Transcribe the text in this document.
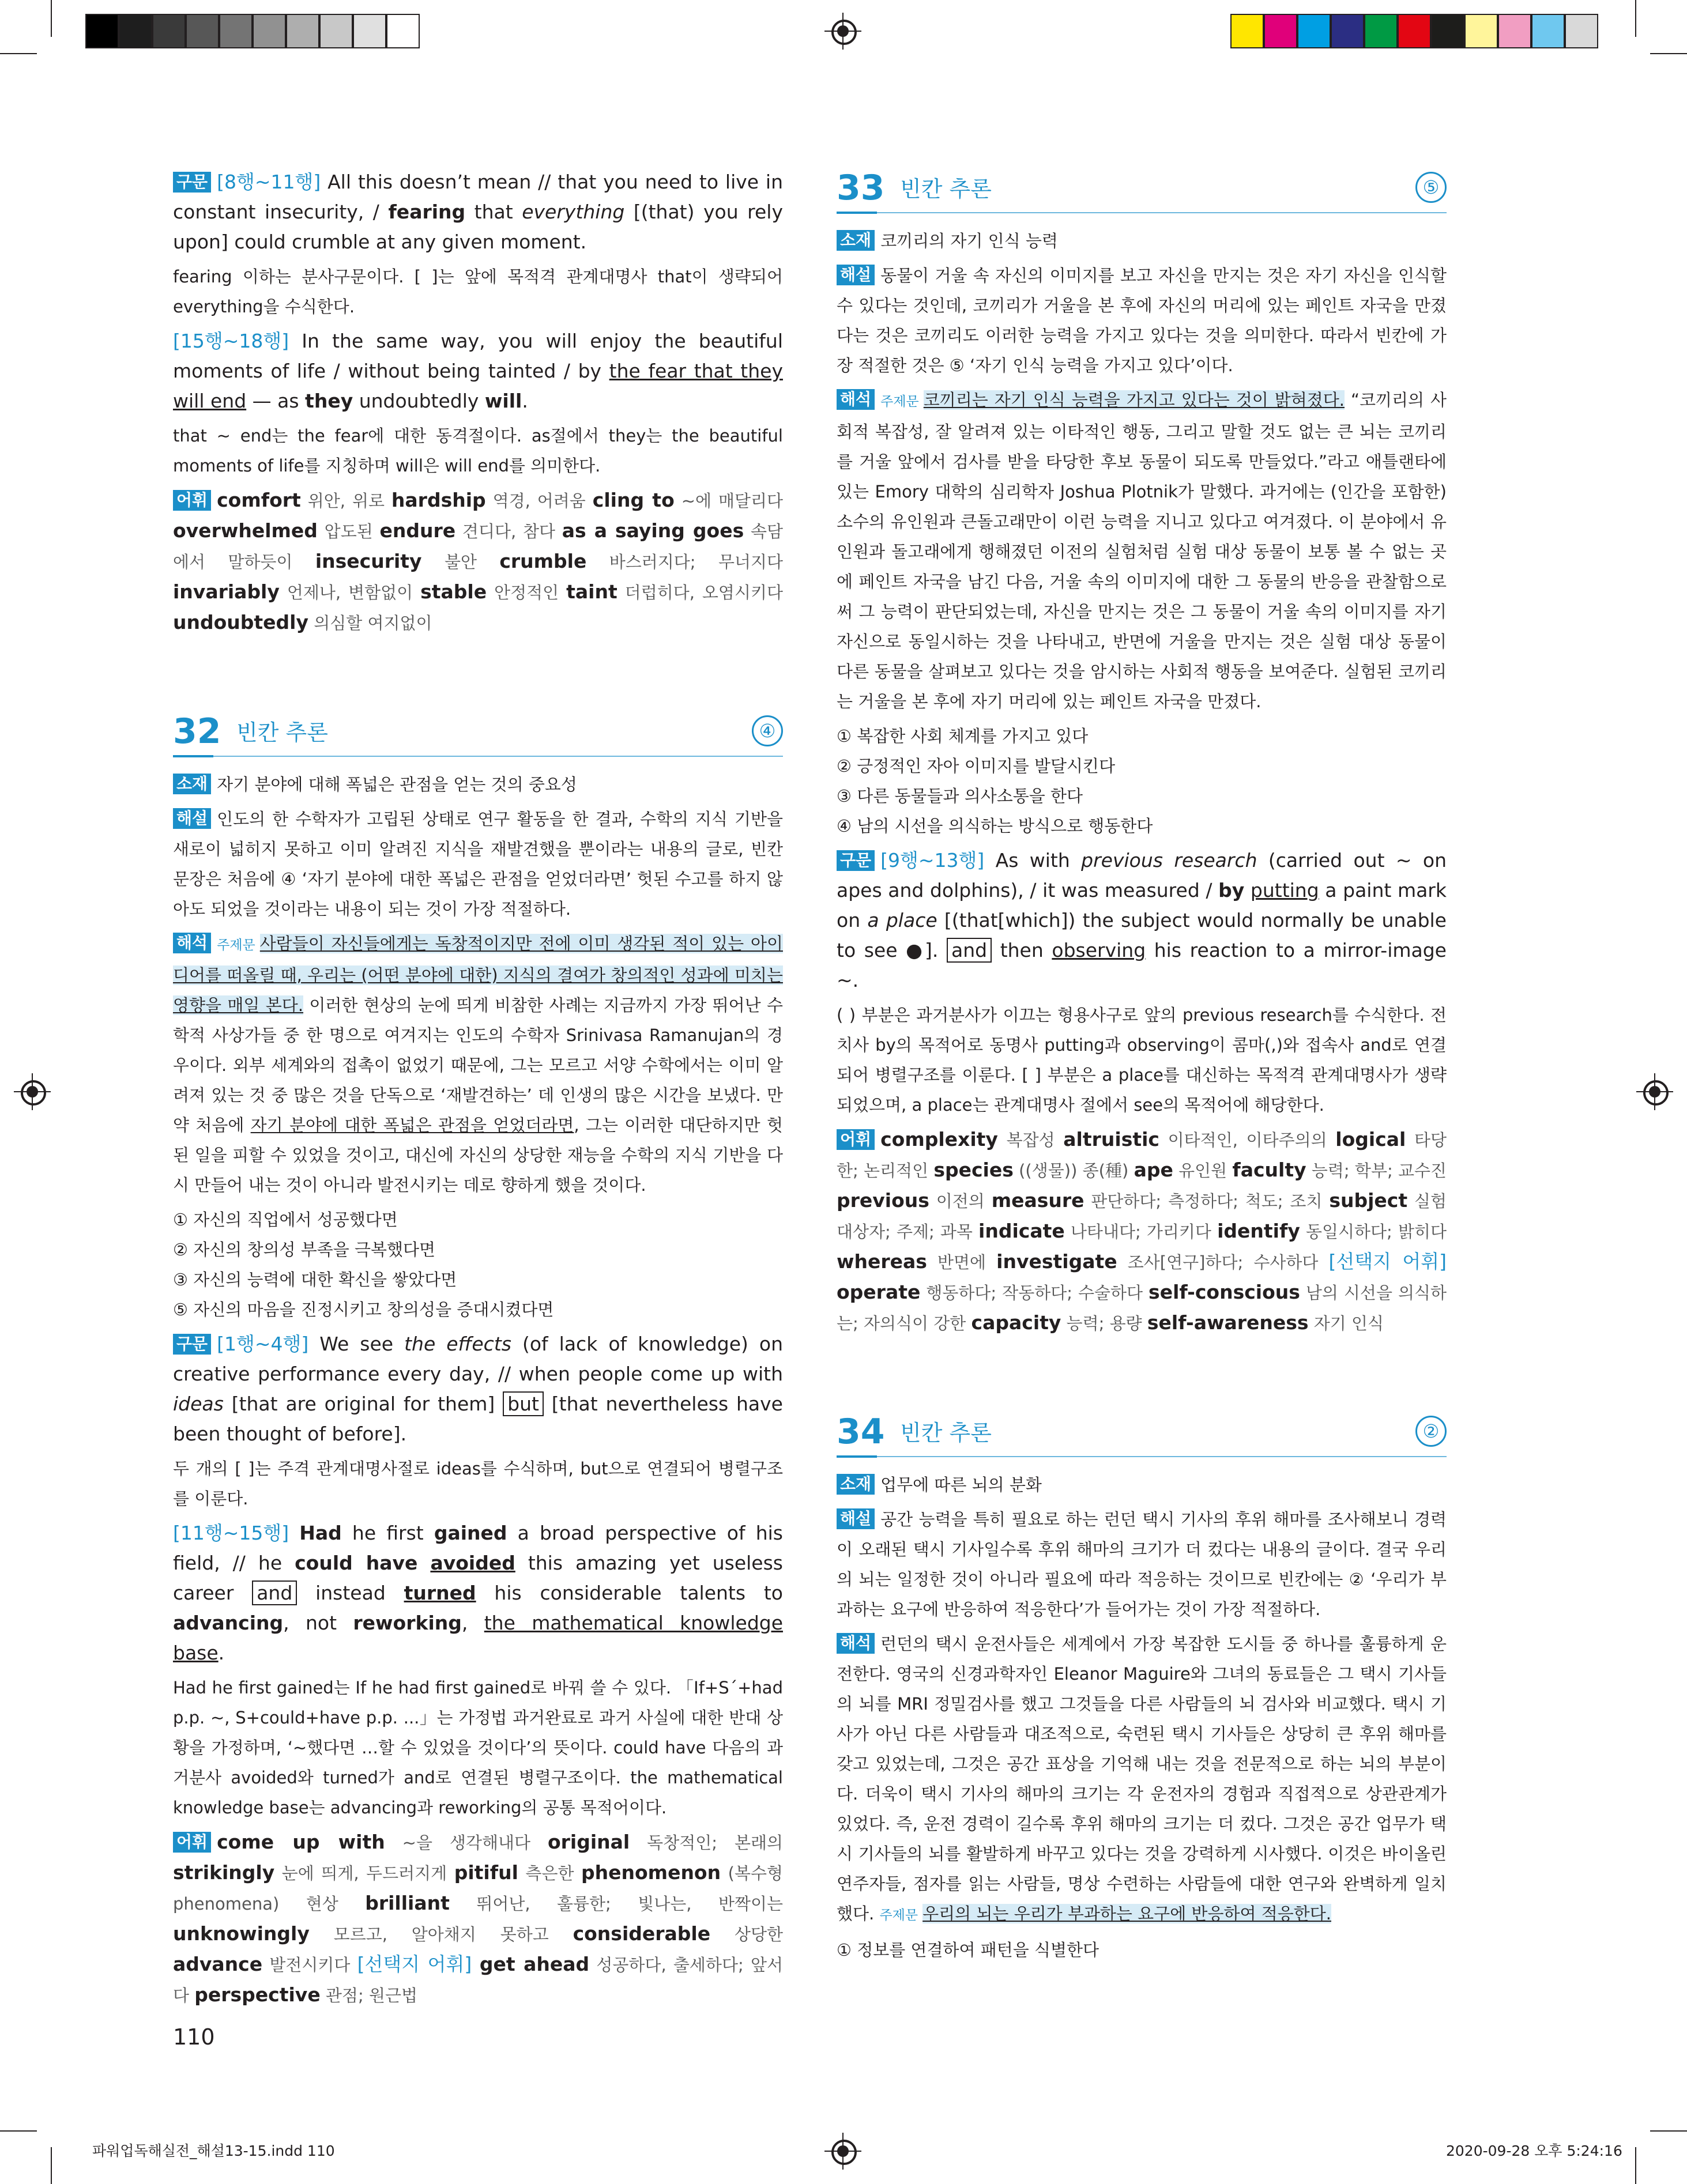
구문 [8행~11행] All this doesn’t mean // that you need to live in constant insecurity, / fearing that everything [(that) you rely upon] could crumble at any given moment.

fearing 이하는 분사구문이다. [ ]는 앞에 목적격 관계대명사 that이 생략되어 everything을 수식한다.

[15행~18행] In the same way, you will enjoy the beautiful moments of life / without being tainted / by the fear that they will end — as they undoubtedly will.

that ~ end는 the fear에 대한 동격절이다. as절에서 they는 the beautiful moments of life를 지칭하며 will은 will end를 의미한다.

어휘 comfort 위안, 위로 hardship 역경, 어려움 cling to ~에 매달리다 overwhelmed 압도된 endure 견디다, 참다 as a saying goes 속담에서 말하듯이 insecurity 불안 crumble 바스러지다; 무너지다 invariably 언제나, 변함없이 stable 안정적인 taint 더럽히다, 오염시키다 undoubtedly 의심할 여지없이

32 빈칸 추론	④

소재 자기 분야에 대해 폭넓은 관점을 얻는 것의 중요성

해설 인도의 한 수학자가 고립된 상태로 연구 활동을 한 결과, 수학의 지식 기반을 새로이 넓히지 못하고 이미 알려진 지식을 재발견했을 뿐이라는 내용의 글로, 빈칸 문장은 처음에 ④ ‘자기 분야에 대한 폭넓은 관점을 얻었더라면’ 헛된 수고를 하지 않아도 되었을 것이라는 내용이 되는 것이 가장 적절하다.

해석 주제문 사람들이 자신들에게는 독창적이지만 전에 이미 생각된 적이 있는 아이디어를 떠올릴 때, 우리는 (어떤 분야에 대한) 지식의 결여가 창의적인 성과에 미치는 영향을 매일 본다. 이러한 현상의 눈에 띄게 비참한 사례는 지금까지 가장 뛰어난 수학적 사상가들 중 한 명으로 여겨지는 인도의 수학자 Srinivasa Ramanujan의 경우이다. 외부 세계와의 접촉이 없었기 때문에, 그는 모르고 서양 수학에서는 이미 알려져 있는 것 중 많은 것을 단독으로 ‘재발견하는’ 데 인생의 많은 시간을 보냈다. 만약 처음에 자기 분야에 대한 폭넓은 관점을 얻었더라면, 그는 이러한 대단하지만 헛된 일을 피할 수 있었을 것이고, 대신에 자신의 상당한 재능을 수학의 지식 기반을 다시 만들어 내는 것이 아니라 발전시키는 데로 향하게 했을 것이다.

① 자신의 직업에서 성공했다면

② 자신의 창의성 부족을 극복했다면

③ 자신의 능력에 대한 확신을 쌓았다면

⑤ 자신의 마음을 진정시키고 창의성을 증대시켰다면

구문 [1행~4행] We see the effects (of lack of knowledge) on creative performance every day, // when people come up with ideas [that are original for them] but [that nevertheless have been thought of before].

두 개의 [ ]는 주격 관계대명사절로 ideas를 수식하며, but으로 연결되어 병렬구조를 이룬다.

[11행~15행] Had he first gained a broad perspective of his field, // he could have avoided this amazing yet useless career and instead turned his considerable talents to advancing, not reworking, the mathematical knowledge base.

Had he first gained는 If he had first gained로 바꿔 쓸 수 있다. 「If+S´+had p.p. ~, S+could+have p.p. ...」는 가정법 과거완료로 과거 사실에 대한 반대 상황을 가정하며, ‘~했다면 …할 수 있었을 것이다’의 뜻이다. could have 다음의 과거분사 avoided와 turned가 and로 연결된 병렬구조이다. the mathematical knowledge base는 advancing과 reworking의 공통 목적어이다.

어휘 come up with ~을 생각해내다 original 독창적인; 본래의 strikingly 눈에 띄게, 두드러지게 pitiful 측은한 phenomenon (복수형 phenomena) 현상 brilliant 뛰어난, 훌륭한; 빛나는, 반짝이는 unknowingly 모르고, 알아채지 못하고 considerable 상당한 advance 발전시키다 [선택지 어휘] get ahead 성공하다, 출세하다; 앞서다 perspective 관점; 원근법

110
33 빈칸 추론	⑤

소재 코끼리의 자기 인식 능력

해설 동물이 거울 속 자신의 이미지를 보고 자신을 만지는 것은 자기 자신을 인식할 수 있다는 것인데, 코끼리가 거울을 본 후에 자신의 머리에 있는 페인트 자국을 만졌다는 것은 코끼리도 이러한 능력을 가지고 있다는 것을 의미한다. 따라서 빈칸에 가장 적절한 것은 ⑤ ‘자기 인식 능력을 가지고 있다’이다.

해석 주제문 코끼리는 자기 인식 능력을 가지고 있다는 것이 밝혀졌다. “코끼리의 사회적 복잡성, 잘 알려져 있는 이타적인 행동, 그리고 말할 것도 없는 큰 뇌는 코끼리를 거울 앞에서 검사를 받을 타당한 후보 동물이 되도록 만들었다.”라고 애틀랜타에 있는 Emory 대학의 심리학자 Joshua Plotnik가 말했다. 과거에는 (인간을 포함한) 소수의 유인원과 큰돌고래만이 이런 능력을 지니고 있다고 여겨졌다. 이 분야에서 유인원과 돌고래에게 행해졌던 이전의 실험처럼 실험 대상 동물이 보통 볼 수 없는 곳에 페인트 자국을 남긴 다음, 거울 속의 이미지에 대한 그 동물의 반응을 관찰함으로써 그 능력이 판단되었는데, 자신을 만지는 것은 그 동물이 거울 속의 이미지를 자기 자신으로 동일시하는 것을 나타내고, 반면에 거울을 만지는 것은 실험 대상 동물이 다른 동물을 살펴보고 있다는 것을 암시하는 사회적 행동을 보여준다. 실험된 코끼리는 거울을 본 후에 자기 머리에 있는 페인트 자국을 만졌다.

① 복잡한 사회 체계를 가지고 있다

② 긍정적인 자아 이미지를 발달시킨다

③ 다른 동물들과 의사소통을 한다

④ 남의 시선을 의식하는 방식으로 행동한다

구문 [9행~13행] As with previous research (carried out ~ on apes and dolphins), / it was measured / by putting a paint mark on a place [(that[which]) the subject would normally be unable to see ●]. and then observing his reaction to a mirror-image ~.

( ) 부분은 과거분사가 이끄는 형용사구로 앞의 previous research를 수식한다. 전치사 by의 목적어로 동명사 putting과 observing이 콤마(,)와 접속사 and로 연결되어 병렬구조를 이룬다. [ ] 부분은 a place를 대신하는 목적격 관계대명사가 생략되었으며, a place는 관계대명사 절에서 see의 목적어에 해당한다.

어휘 complexity 복잡성 altruistic 이타적인, 이타주의의 logical 타당한; 논리적인 species ((생물)) 종(種) ape 유인원 faculty 능력; 학부; 교수진 previous 이전의 measure 판단하다; 측정하다; 척도; 조치 subject 실험 대상자; 주제; 과목 indicate 나타내다; 가리키다 identify 동일시하다; 밝히다 whereas 반면에 investigate 조사[연구]하다; 수사하다 [선택지 어휘] operate 행동하다; 작동하다; 수술하다 self-conscious 남의 시선을 의식하는; 자의식이 강한 capacity 능력; 용량 self-awareness 자기 인식

34 빈칸 추론	②

소재 업무에 따른 뇌의 분화

해설 공간 능력을 특히 필요로 하는 런던 택시 기사의 후위 해마를 조사해보니 경력이 오래된 택시 기사일수록 후위 해마의 크기가 더 컸다는 내용의 글이다. 결국 우리의 뇌는 일정한 것이 아니라 필요에 따라 적응하는 것이므로 빈칸에는 ② ‘우리가 부과하는 요구에 반응하여 적응한다’가 들어가는 것이 가장 적절하다.

해석 런던의 택시 운전사들은 세계에서 가장 복잡한 도시들 중 하나를 훌륭하게 운전한다. 영국의 신경과학자인 Eleanor Maguire와 그녀의 동료들은 그 택시 기사들의 뇌를 MRI 정밀검사를 했고 그것들을 다른 사람들의 뇌 검사와 비교했다. 택시 기사가 아닌 다른 사람들과 대조적으로, 숙련된 택시 기사들은 상당히 큰 후위 해마를 갖고 있었는데, 그것은 공간 표상을 기억해 내는 것을 전문적으로 하는 뇌의 부분이다. 더욱이 택시 기사의 해마의 크기는 각 운전자의 경험과 직접적으로 상관관계가 있었다. 즉, 운전 경력이 길수록 후위 해마의 크기는 더 컸다. 그것은 공간 업무가 택시 기사들의 뇌를 활발하게 바꾸고 있다는 것을 강력하게 시사했다. 이것은 바이올린 연주자들, 점자를 읽는 사람들, 명상 수련하는 사람들에 대한 연구와 완벽하게 일치했다. 주제문 우리의 뇌는 우리가 부과하는 요구에 반응하여 적응한다.

① 정보를 연결하여 패턴을 식별한다

파워업독해실전_해설13-15.indd 110	2020-09-28 오후 5:24:16
